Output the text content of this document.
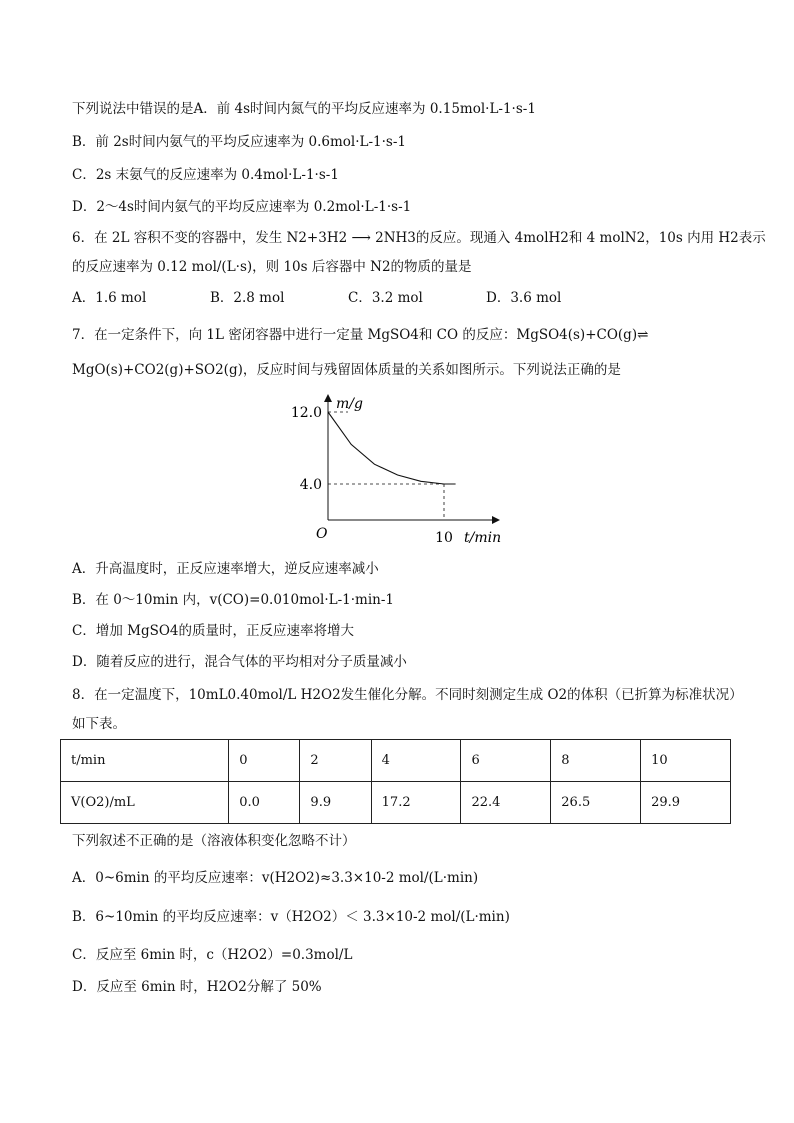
下列说法中错误的是A．前 4s时间内氮气的平均反应速率为 0.15mol·L-1·s-1
B．前 2s时间内氨气的平均反应速率为 0.6mol·L-1·s-1
C．2s 末氨气的反应速率为 0.4mol·L-1·s-1
D．2～4s时间内氨气的平均反应速率为 0.2mol·L-1·s-1
6．在 2L 容积不变的容器中，发生 N2+3H2 ⟶ 2NH3的反应。现通入 4molH2和 4 molN2，10s 内用 H2表示
的反应速率为 0.12 mol/(L·s)，则 10s 后容器中 N2的物质的量是
A．1.6 mol	B．2.8 mol	C．3.2 mol	D．3.6 mol
7．在一定条件下，向 1L 密闭容器中进行一定量 MgSO4和 CO 的反应：MgSO4(s)+CO(g)⇌
MgO(s)+CO2(g)+SO2(g)，反应时间与残留固体质量的关系如图所示。下列说法正确的是
m/g
12.0
4.0
O	10 t/min
A．升高温度时，正反应速率增大，逆反应速率减小
B．在 0～10min 内，v(CO)=0.010mol·L-1·min-1
C．增加 MgSO4的质量时，正反应速率将增大
D．随着反应的进行，混合气体的平均相对分子质量减小
8．在一定温度下，10mL0.40mol/L H2O2发生催化分解。不同时刻测定生成 O2的体积（已折算为标准状况）
如下表。
t/min	0	2	4	6	8	10
V(O2)/mL	0.0	9.9	17.2	22.4	26.5	29.9
下列叙述不正确的是（溶液体积变化忽略不计）
A．0~6min 的平均反应速率：v(H2O2)≈3.3×10-2 mol/(L·min)
B．6~10min 的平均反应速率：v（H2O2）＜ 3.3×10-2 mol/(L·min)
C．反应至 6min 时，c（H2O2）=0.3mol/L
D．反应至 6min 时，H2O2分解了 50%
